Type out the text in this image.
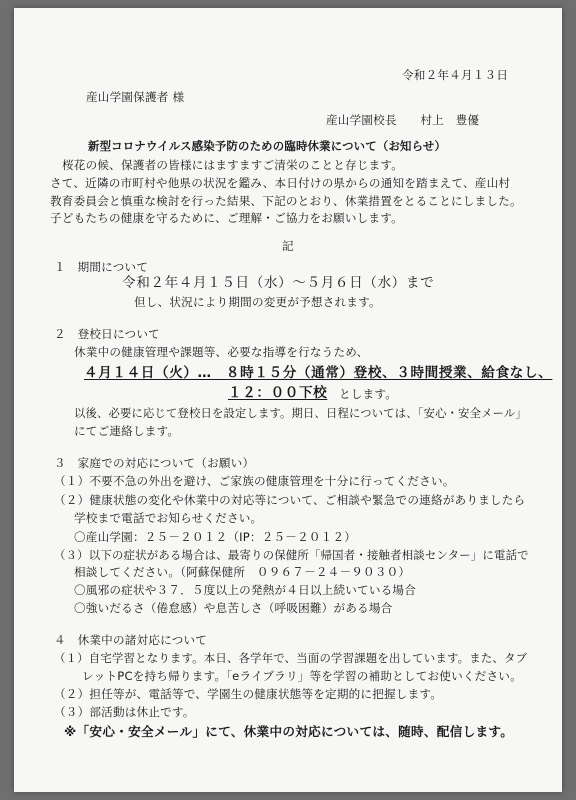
令和２年４月１３日
産山学園保護者 様
産山学園校長　　村上　豊優
新型コロナウイルス感染予防のための臨時休業について（お知らせ）
桜花の候、保護者の皆様にはますますご清栄のことと存じます。
さて、近隣の市町村や他県の状況を鑑み、本日付けの県からの通知を踏まえて、産山村
教育委員会と慎重な検討を行った結果、下記のとおり、休業措置をとることにしました。
子どもたちの健康を守るために、ご理解・ご協力をお願いします。
記
１　期間について
令和２年４月１５日（水）～５月６日（水）まで
但し、状況により期間の変更が予想されます。
２　登校日について
休業中の健康管理や課題等、必要な指導を行なうため、
４月１４日（火）…　８時１５分（通常）登校、３時間授業、給食なし、
１２：００下校 とします。
以後、必要に応じて登校日を設定します。期日、日程については、「安心・安全メール」
にてご連絡します。
３　家庭での対応について（お願い）
（１）不要不急の外出を避け、ご家族の健康管理を十分に行ってください。
（２）健康状態の変化や休業中の対応等について、ご相談や緊急での連絡がありましたら
学校まで電話でお知らせください。
〇産山学園：２５－２０１２（IP：２５－２０１２）
（３）以下の症状がある場合は、最寄りの保健所「帰国者・接触者相談センター」に電話で
相談してください。（阿蘇保健所　０９６７－２４－９０３０）
〇風邪の症状や３７．５度以上の発熱が４日以上続いている場合
〇強いだるさ（倦怠感）や息苦しさ（呼吸困難）がある場合
４　休業中の諸対応について
（１）自宅学習となります。本日、各学年で、当面の学習課題を出しています。また、タブ
レットPCを持ち帰ります。「eライブラリ」等を学習の補助としてお使いください。
（２）担任等が、電話等で、学園生の健康状態等を定期的に把握します。
（３）部活動は休止です。
※「安心・安全メール」にて、休業中の対応については、随時、配信します。
